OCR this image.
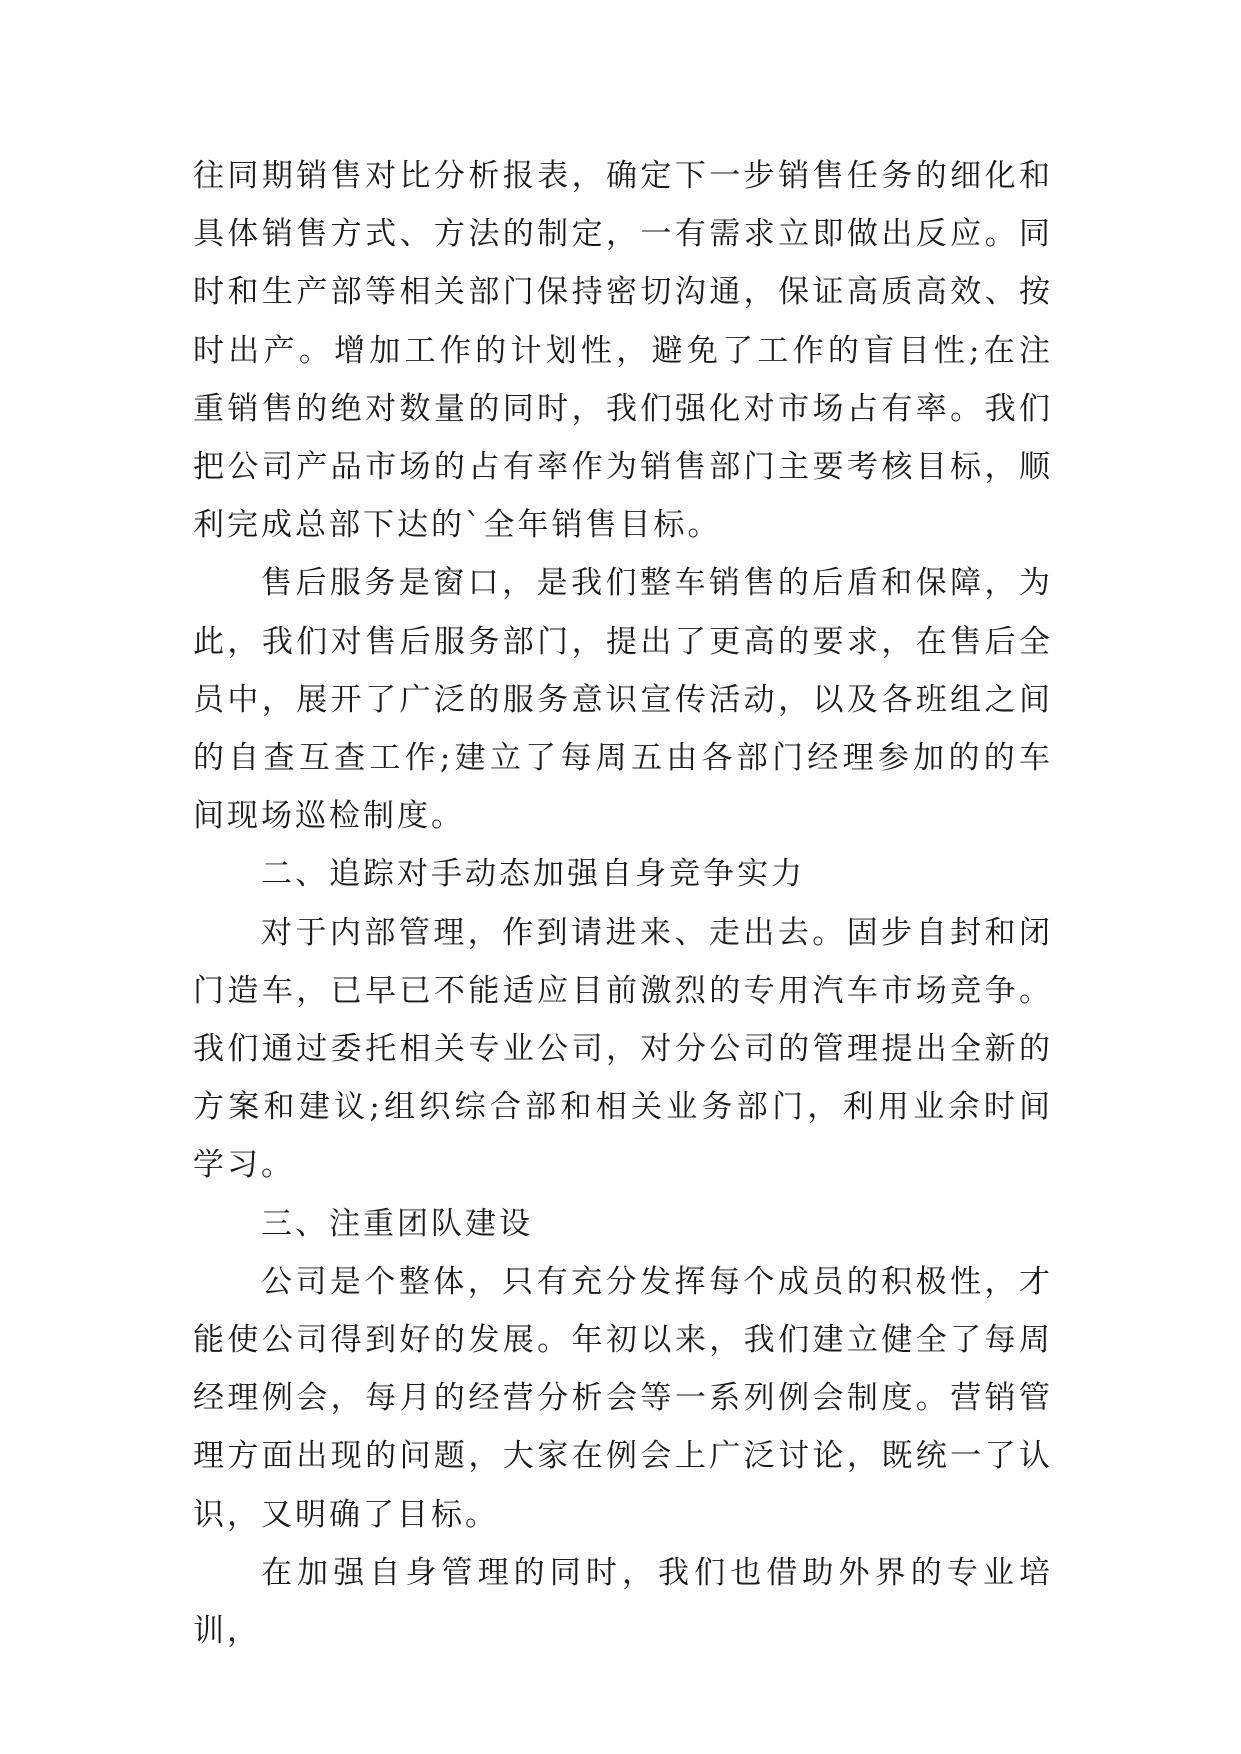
往同期销售对比分析报表，确定下一步销售任务的细化和具体销售方式、方法的制定，一有需求立即做出反应。同时和生产部等相关部门保持密切沟通，保证高质高效、按时出产。增加工作的计划性，避免了工作的盲目性;在注重销售的绝对数量的同时，我们强化对市场占有率。我们把公司产品市场的占有率作为销售部门主要考核目标，顺利完成总部下达的`全年销售目标。

售后服务是窗口，是我们整车销售的后盾和保障，为此，我们对售后服务部门，提出了更高的要求，在售后全员中，展开了广泛的服务意识宣传活动，以及各班组之间的自查互查工作;建立了每周五由各部门经理参加的的车间现场巡检制度。

二、追踪对手动态加强自身竞争实力

对于内部管理，作到请进来、走出去。固步自封和闭门造车，已早已不能适应目前激烈的专用汽车市场竞争。我们通过委托相关专业公司，对分公司的管理提出全新的方案和建议;组织综合部和相关业务部门，利用业余时间学习。

三、注重团队建设

公司是个整体，只有充分发挥每个成员的积极性，才能使公司得到好的发展。年初以来，我们建立健全了每周经理例会，每月的经营分析会等一系列例会制度。营销管理方面出现的问题，大家在例会上广泛讨论，既统一了认识，又明确了目标。

在加强自身管理的同时，我们也借助外界的专业培训，
